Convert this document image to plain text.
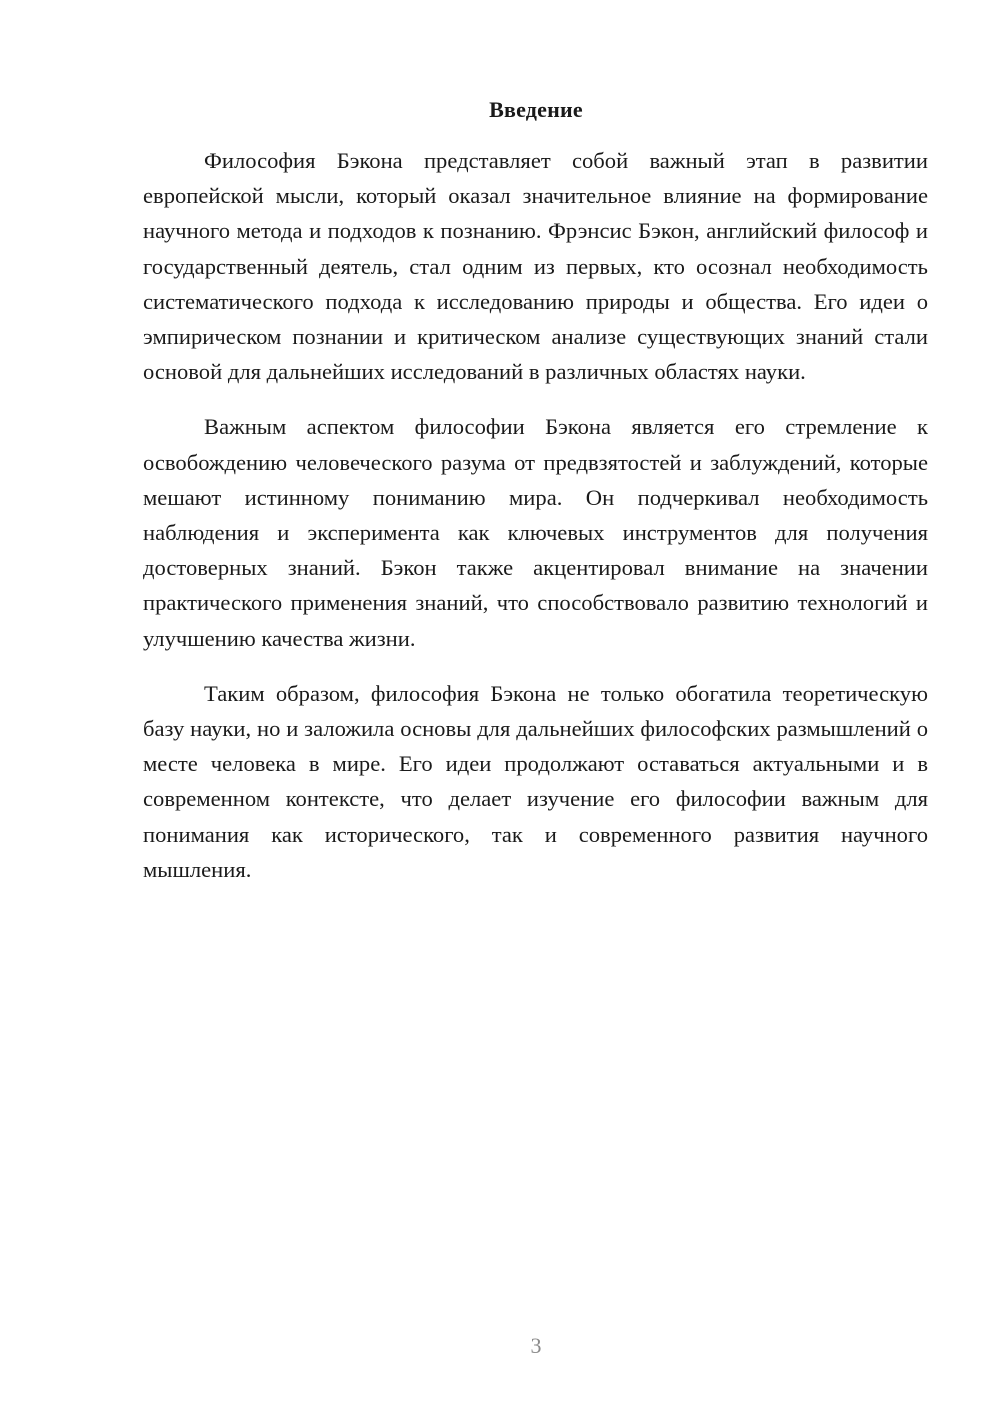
Введение

Философия Бэкона представляет собой важный этап в развитии европейской мысли, который оказал значительное влияние на формирование научного метода и подходов к познанию. Фрэнсис Бэкон, английский философ и государственный деятель, стал одним из первых, кто осознал необходимость систематического подхода к исследованию природы и общества. Его идеи о эмпирическом познании и критическом анализе существующих знаний стали основой для дальнейших исследований в различных областях науки.

Важным аспектом философии Бэкона является его стремление к освобождению человеческого разума от предвзятостей и заблуждений, которые мешают истинному пониманию мира. Он подчеркивал необходимость наблюдения и эксперимента как ключевых инструментов для получения достоверных знаний. Бэкон также акцентировал внимание на значении практического применения знаний, что способствовало развитию технологий и улучшению качества жизни.

Таким образом, философия Бэкона не только обогатила теоретическую базу науки, но и заложила основы для дальнейших философских размышлений о месте человека в мире. Его идеи продолжают оставаться актуальными и в современном контексте, что делает изучение его философии важным для понимания как исторического, так и современного развития научного мышления.

3
